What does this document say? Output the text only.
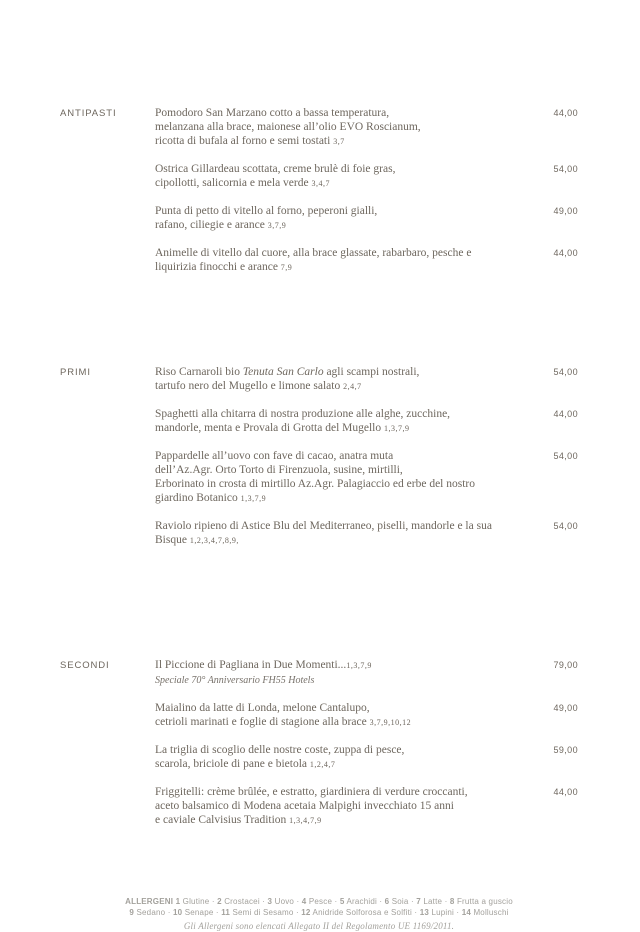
ANTIPASTI	Pomodoro San Marzano cotto a bassa temperatura,
melanzana alla brace, maionese all’olio EVO Roscianum,
ricotta di bufala al forno e semi tostati 3,7
44,00
Ostrica Gillardeau scottata, creme brulè di foie gras,
cipollotti, salicornia e mela verde 3,4,7
54,00
Punta di petto di vitello al forno, peperoni gialli,
rafano, ciliegie e arance 3,7,9
49,00
Animelle di vitello dal cuore, alla brace glassate, rabarbaro, pesche e
liquirizia finocchi e arance 7,9
44,00
PRIMI	Riso Carnaroli bio Tenuta San Carlo agli scampi nostrali,
tartufo nero del Mugello e limone salato 2,4,7
54,00
Spaghetti alla chitarra di nostra produzione alle alghe, zucchine,
mandorle, menta e Provala di Grotta del Mugello 1,3,7,9
44,00
Pappardelle all’uovo con fave di cacao, anatra muta
dell’Az.Agr. Orto Torto di Firenzuola, susine, mirtilli,
Erborinato in crosta di mirtillo Az.Agr. Palagiaccio ed erbe del nostro
giardino Botanico 1,3,7,9
54,00
Raviolo ripieno di Astice Blu del Mediterraneo, piselli, mandorle e la sua
Bisque 1,2,3,4,7,8,9,
54,00
SECONDI	Il Piccione di Pagliana in Due Momenti...1,3,7,9
Speciale 70° Anniversario FH55 Hotels
79,00
Maialino da latte di Londa, melone Cantalupo,
cetrioli marinati e foglie di stagione alla brace 3,7,9,10,12
49,00
La triglia di scoglio delle nostre coste, zuppa di pesce,
scarola, briciole di pane e bietola 1,2,4,7
59,00
Friggitelli: crème brûlée, e estratto, giardiniera di verdure croccanti,
aceto balsamico di Modena acetaia Malpighi invecchiato 15 anni
e caviale Calvisius Tradition 1,3,4,7,9
44,00
ALLERGENI 1 Glutine · 2 Crostacei · 3 Uovo · 4 Pesce · 5 Arachidi · 6 Soia · 7 Latte · 8 Frutta a guscio
9 Sedano · 10 Senape · 11 Semi di Sesamo · 12 Anidride Solforosa e Solfiti · 13 Lupini · 14 Molluschi
Gli Allergeni sono elencati Allegato II del Regolamento UE 1169/2011.
